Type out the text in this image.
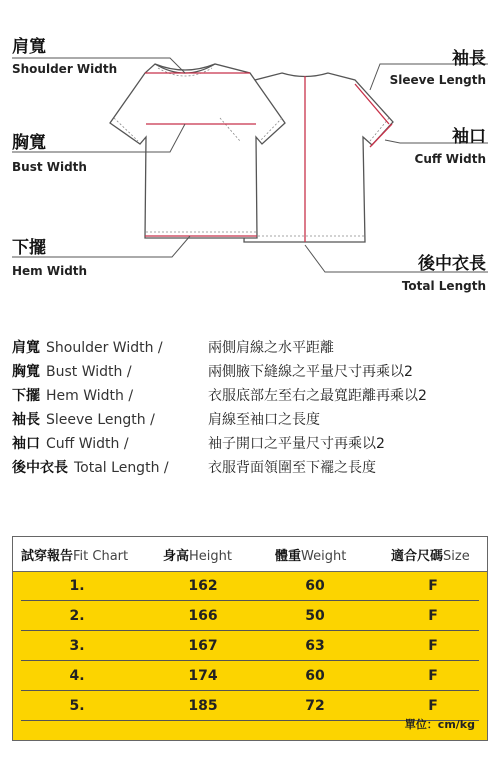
肩寬
Shoulder Width	袖長
Sleeve Length
胸寬
Bust Width
袖口
Cuff Width
下擺
Hem Width	後中衣長
Total Length
肩寬 Shoulder Width /	兩側肩線之水平距離
胸寬 Bust Width /	兩側腋下縫線之平量尺寸再乘以2
下擺 Hem Width /	衣服底部左至右之最寬距離再乘以2
袖長 Sleeve Length /	肩線至袖口之長度
袖口 Cuff Width /	袖子開口之平量尺寸再乘以2
後中衣長 Total Length /	衣服背面領圍至下襬之長度
試穿報告Fit Chart	身高Height	體重Weight	適合尺碼Size
1.	162	60	F
2.	166	50	F
3.	167	63	F
4.	174	60	F
5.	185	72	F
單位：cm/kg
